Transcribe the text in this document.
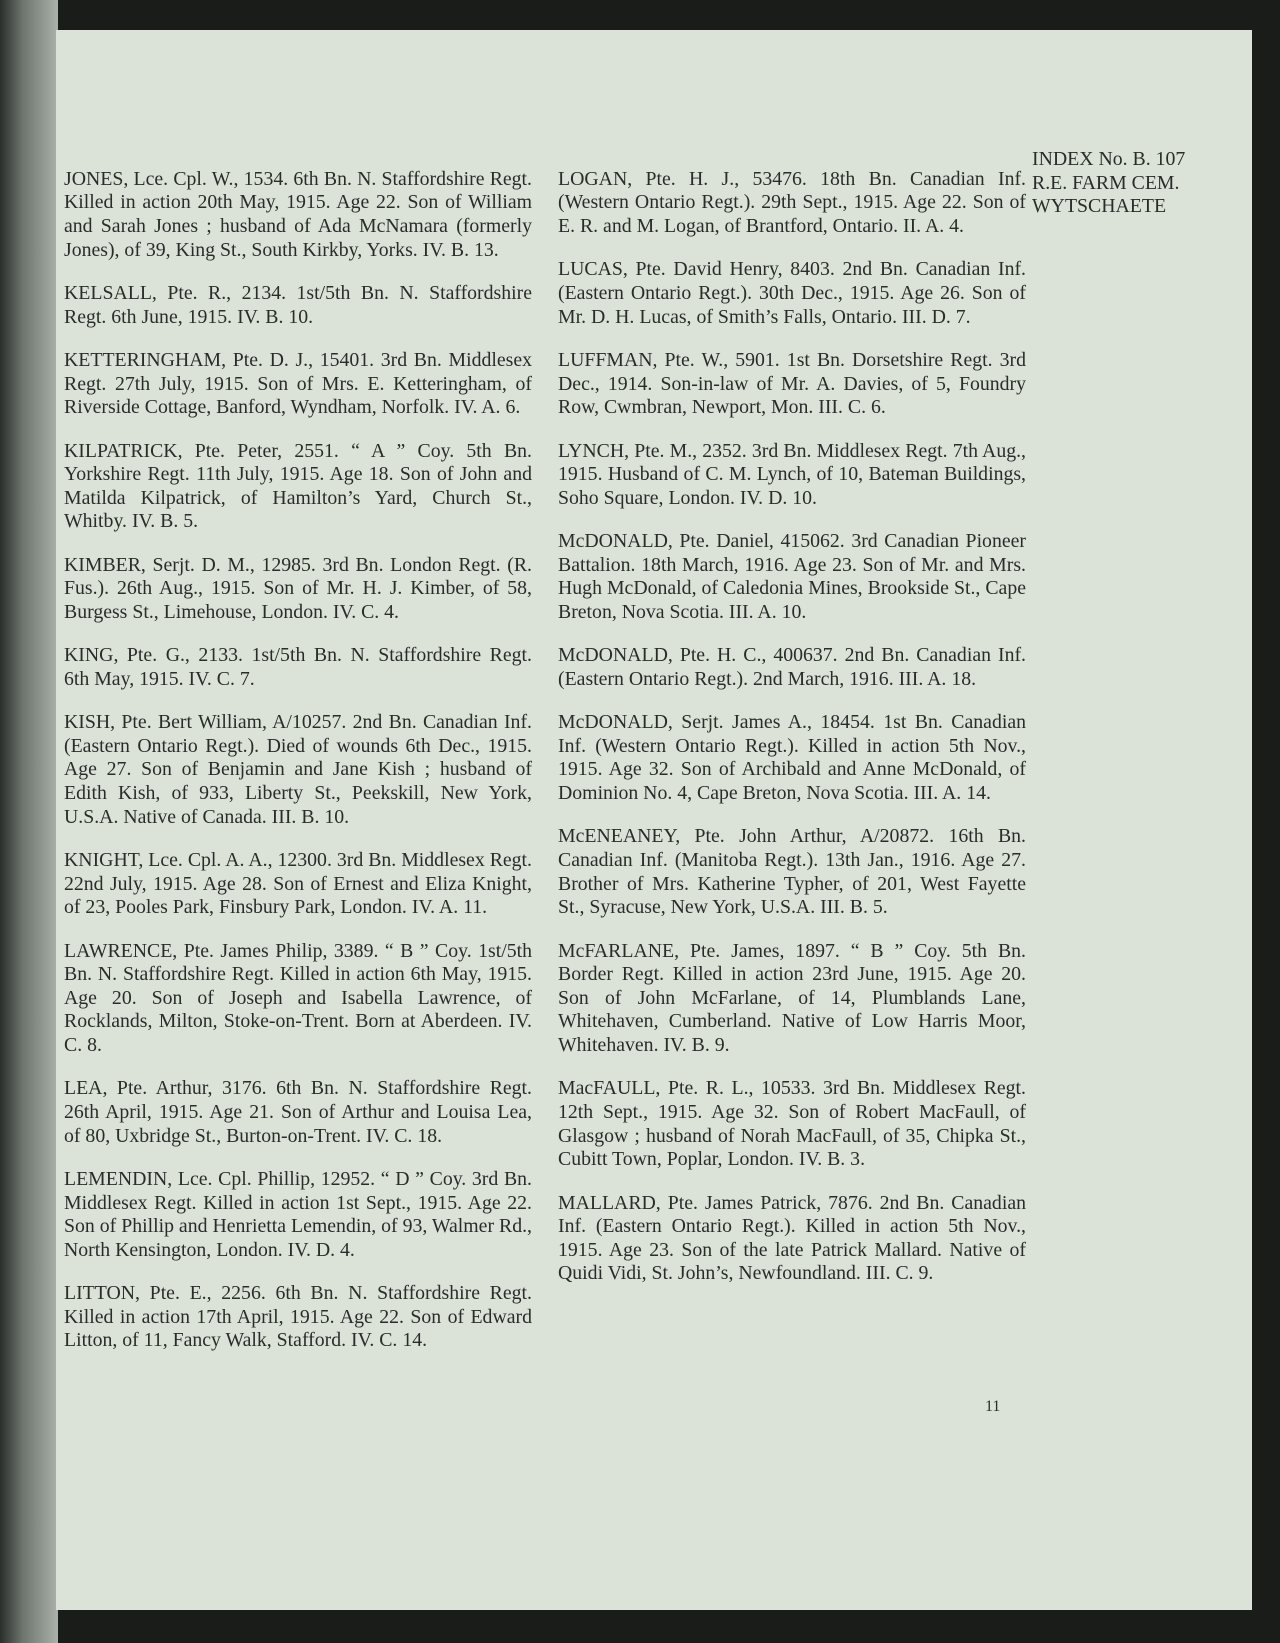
JONES, Lce. Cpl. W., 1534. 6th Bn. N. Staffordshire Regt. Killed in action 20th May, 1915. Age 22. Son of William and Sarah Jones ; husband of Ada McNamara (formerly Jones), of 39, King St., South Kirkby, Yorks. IV. B. 13.

KELSALL, Pte. R., 2134. 1st/5th Bn. N. Staffordshire Regt. 6th June, 1915. IV. B. 10.

KETTERINGHAM, Pte. D. J., 15401. 3rd Bn. Middlesex Regt. 27th July, 1915. Son of Mrs. E. Ketteringham, of Riverside Cottage, Banford, Wyndham, Norfolk. IV. A. 6.

KILPATRICK, Pte. Peter, 2551. “ A ” Coy. 5th Bn. Yorkshire Regt. 11th July, 1915. Age 18. Son of John and Matilda Kilpatrick, of Hamilton’s Yard, Church St., Whitby. IV. B. 5.

KIMBER, Serjt. D. M., 12985. 3rd Bn. London Regt. (R. Fus.). 26th Aug., 1915. Son of Mr. H. J. Kimber, of 58, Burgess St., Limehouse, London. IV. C. 4.

KING, Pte. G., 2133. 1st/5th Bn. N. Staffordshire Regt. 6th May, 1915. IV. C. 7.

KISH, Pte. Bert William, A/10257. 2nd Bn. Canadian Inf. (Eastern Ontario Regt.). Died of wounds 6th Dec., 1915. Age 27. Son of Benjamin and Jane Kish ; husband of Edith Kish, of 933, Liberty St., Peekskill, New York, U.S.A. Native of Canada. III. B. 10.

KNIGHT, Lce. Cpl. A. A., 12300. 3rd Bn. Middlesex Regt. 22nd July, 1915. Age 28. Son of Ernest and Eliza Knight, of 23, Pooles Park, Finsbury Park, London. IV. A. 11.

LAWRENCE, Pte. James Philip, 3389. “ B ” Coy. 1st/5th Bn. N. Staffordshire Regt. Killed in action 6th May, 1915. Age 20. Son of Joseph and Isabella Lawrence, of Rocklands, Milton, Stoke-on-Trent. Born at Aberdeen. IV. C. 8.

LEA, Pte. Arthur, 3176. 6th Bn. N. Staffordshire Regt. 26th April, 1915. Age 21. Son of Arthur and Louisa Lea, of 80, Uxbridge St., Burton-on-Trent. IV. C. 18.

LEMENDIN, Lce. Cpl. Phillip, 12952. “ D ” Coy. 3rd Bn. Middlesex Regt. Killed in action 1st Sept., 1915. Age 22. Son of Phillip and Henrietta Lemendin, of 93, Walmer Rd., North Kensington, London. IV. D. 4.

LITTON, Pte. E., 2256. 6th Bn. N. Staffordshire Regt. Killed in action 17th April, 1915. Age 22. Son of Edward Litton, of 11, Fancy Walk, Stafford. IV. C. 14.

LOGAN, Pte. H. J., 53476. 18th Bn. Canadian Inf. (Western Ontario Regt.). 29th Sept., 1915. Age 22. Son of E. R. and M. Logan, of Brantford, Ontario. II. A. 4.

LUCAS, Pte. David Henry, 8403. 2nd Bn. Canadian Inf. (Eastern Ontario Regt.). 30th Dec., 1915. Age 26. Son of Mr. D. H. Lucas, of Smith’s Falls, Ontario. III. D. 7.

LUFFMAN, Pte. W., 5901. 1st Bn. Dorsetshire Regt. 3rd Dec., 1914. Son-in-law of Mr. A. Davies, of 5, Foundry Row, Cwmbran, Newport, Mon. III. C. 6.

LYNCH, Pte. M., 2352. 3rd Bn. Middlesex Regt. 7th Aug., 1915. Husband of C. M. Lynch, of 10, Bateman Buildings, Soho Square, London. IV. D. 10.

McDONALD, Pte. Daniel, 415062. 3rd Canadian Pioneer Battalion. 18th March, 1916. Age 23. Son of Mr. and Mrs. Hugh McDonald, of Caledonia Mines, Brookside St., Cape Breton, Nova Scotia. III. A. 10.

McDONALD, Pte. H. C., 400637. 2nd Bn. Canadian Inf. (Eastern Ontario Regt.). 2nd March, 1916. III. A. 18.

McDONALD, Serjt. James A., 18454. 1st Bn. Canadian Inf. (Western Ontario Regt.). Killed in action 5th Nov., 1915. Age 32. Son of Archibald and Anne McDonald, of Dominion No. 4, Cape Breton, Nova Scotia. III. A. 14.

McENEANEY, Pte. John Arthur, A/20872. 16th Bn. Canadian Inf. (Manitoba Regt.). 13th Jan., 1916. Age 27. Brother of Mrs. Katherine Typher, of 201, West Fayette St., Syracuse, New York, U.S.A. III. B. 5.

McFARLANE, Pte. James, 1897. “ B ” Coy. 5th Bn. Border Regt. Killed in action 23rd June, 1915. Age 20. Son of John McFarlane, of 14, Plumblands Lane, Whitehaven, Cumberland. Native of Low Harris Moor, Whitehaven. IV. B. 9.

MacFAULL, Pte. R. L., 10533. 3rd Bn. Middlesex Regt. 12th Sept., 1915. Age 32. Son of Robert MacFaull, of Glasgow ; husband of Norah MacFaull, of 35, Chipka St., Cubitt Town, Poplar, London. IV. B. 3.

MALLARD, Pte. James Patrick, 7876. 2nd Bn. Canadian Inf. (Eastern Ontario Regt.). Killed in action 5th Nov., 1915. Age 23. Son of the late Patrick Mallard. Native of Quidi Vidi, St. John’s, Newfoundland. III. C. 9.

INDEX No. B. 107
R.E. FARM CEM.
WYTSCHAETE
11
